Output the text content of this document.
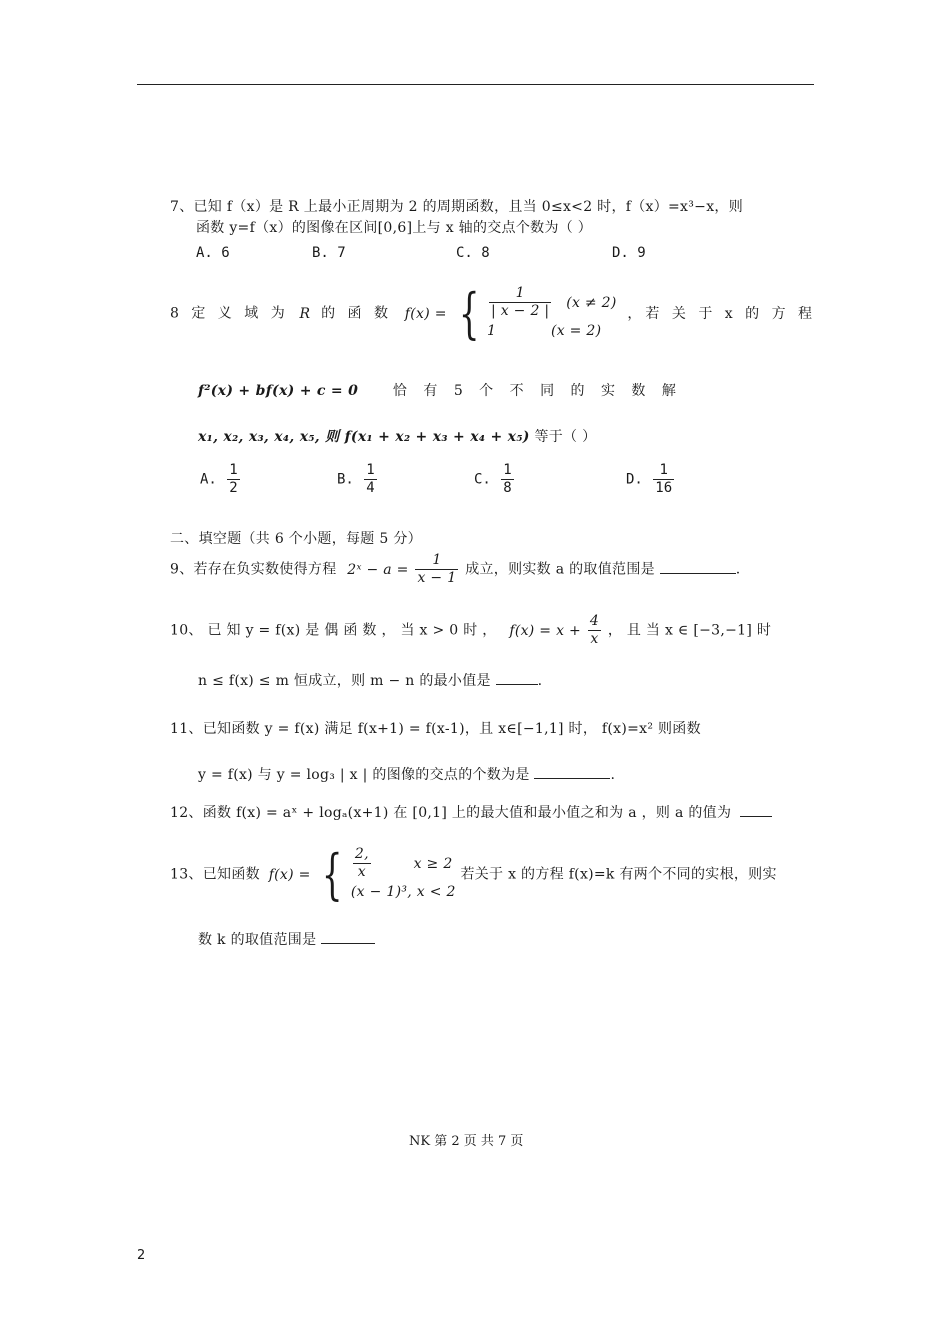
7、已知 f（x）是 R 上最小正周期为 2 的周期函数，且当 0≤x<2 时，f（x）=x³−x，则
函数 y=f（x）的图像在区间[0,6]上与 x 轴的交点个数为（ ）
A. 6	B. 7	C. 8	D. 9
8 定 义 域 为 R 的 函 数 f(x) = { $\frac{1}{| x - 2 |} (x \ne 2)$
1	(x = 2)
，若 关 于 x 的 方 程
f²(x) + bf(x) + c = 0 恰 有 5 个 不 同 的 实 数 解
x₁, x₂, x₃, x₄, x₅, 则 f(x₁ + x₂ + x₃ + x₄ + x₅) 等于（ ）
A. $\frac{1}{2}$	B. $\frac{1}{4}$	C. $\frac{1}{8}$	D. $\frac{1}{16}$
二、填空题（共 6 个小题，每题 5 分）
9、若存在负实数使得方程 2ˣ − $a = \frac{1}{x - 1}$ 成立，则实数 a 的取值范围是	.
10、 已 知 y = f(x) 是 偶 函 数 ， 当 x > 0 时 ， $f(x) = x + \frac{4}{x}$ ， 且 当 x ∈ [−3,−1] 时
n ≤ f(x) ≤ m 恒成立，则 m − n 的最小值是	.
11、已知函数 y = f(x) 满足 f(x+1) = f(x-1)，且 x∈[−1,1] 时， f(x)=x² 则函数
y = f(x) 与 y = log₃ | x | 的图像的交点的个数为是	.
12、函数 f(x) = aˣ + logₐ(x+1) 在 [0,1] 上的最大值和最小值之和为 a ，则 a 的值为
13、已知函数 f(x) = { $\frac{2,}{x}$	x ≥ 2
(x − 1)³, x < 2
若关于 x 的方程 f(x)=k 有两个不同的实根，则实
数 k 的取值范围是
NK 第 2 页 共 7 页
2
